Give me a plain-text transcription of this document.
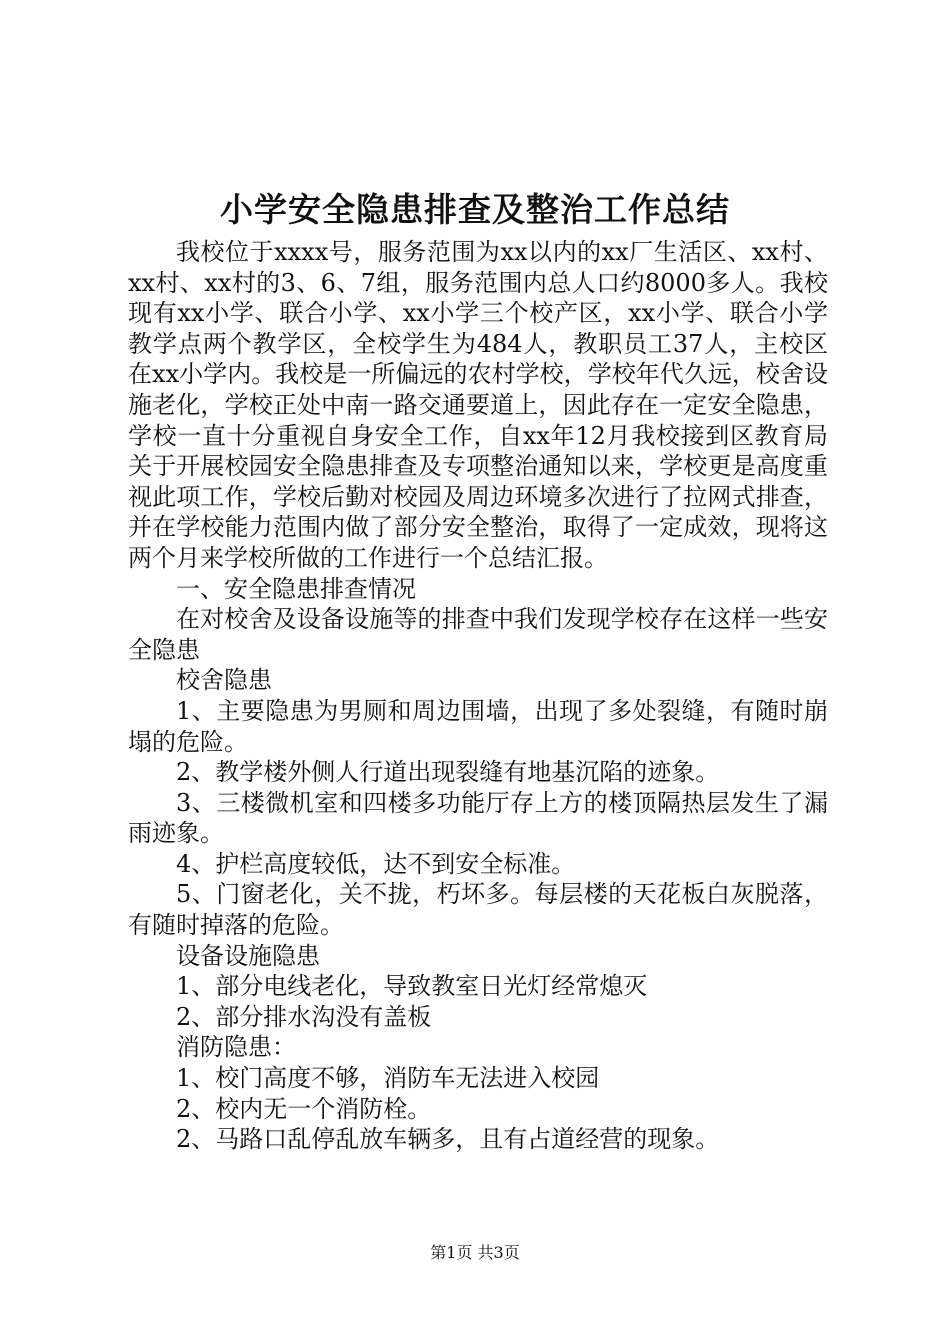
小学安全隐患排查及整治工作总结

我校位于xxxx号，服务范围为xx以内的xx厂生活区、xx村、xx村、xx村的3、6、7组，服务范围内总人口约8000多人。我校现有xx小学、联合小学、xx小学三个校产区，xx小学、联合小学教学点两个教学区，全校学生为484人，教职员工37人，主校区在xx小学内。我校是一所偏远的农村学校，学校年代久远，校舍设施老化，学校正处中南一路交通要道上，因此存在一定安全隐患，学校一直十分重视自身安全工作，自xx年12月我校接到区教育局关于开展校园安全隐患排查及专项整治通知以来，学校更是高度重视此项工作，学校后勤对校园及周边环境多次进行了拉网式排查，并在学校能力范围内做了部分安全整治，取得了一定成效，现将这两个月来学校所做的工作进行一个总结汇报。

一、安全隐患排查情况

在对校舍及设备设施等的排查中我们发现学校存在这样一些安全隐患

校舍隐患

1、主要隐患为男厕和周边围墙，出现了多处裂缝，有随时崩塌的危险。

2、教学楼外侧人行道出现裂缝有地基沉陷的迹象。

3、三楼微机室和四楼多功能厅存上方的楼顶隔热层发生了漏雨迹象。

4、护栏高度较低，达不到安全标准。

5、门窗老化，关不拢，朽坏多。每层楼的天花板白灰脱落，有随时掉落的危险。

设备设施隐患

1、部分电线老化，导致教室日光灯经常熄灭

2、部分排水沟没有盖板

消防隐患：

1、校门高度不够，消防车无法进入校园

2、校内无一个消防栓。

2、马路口乱停乱放车辆多，且有占道经营的现象。

第1页 共3页
